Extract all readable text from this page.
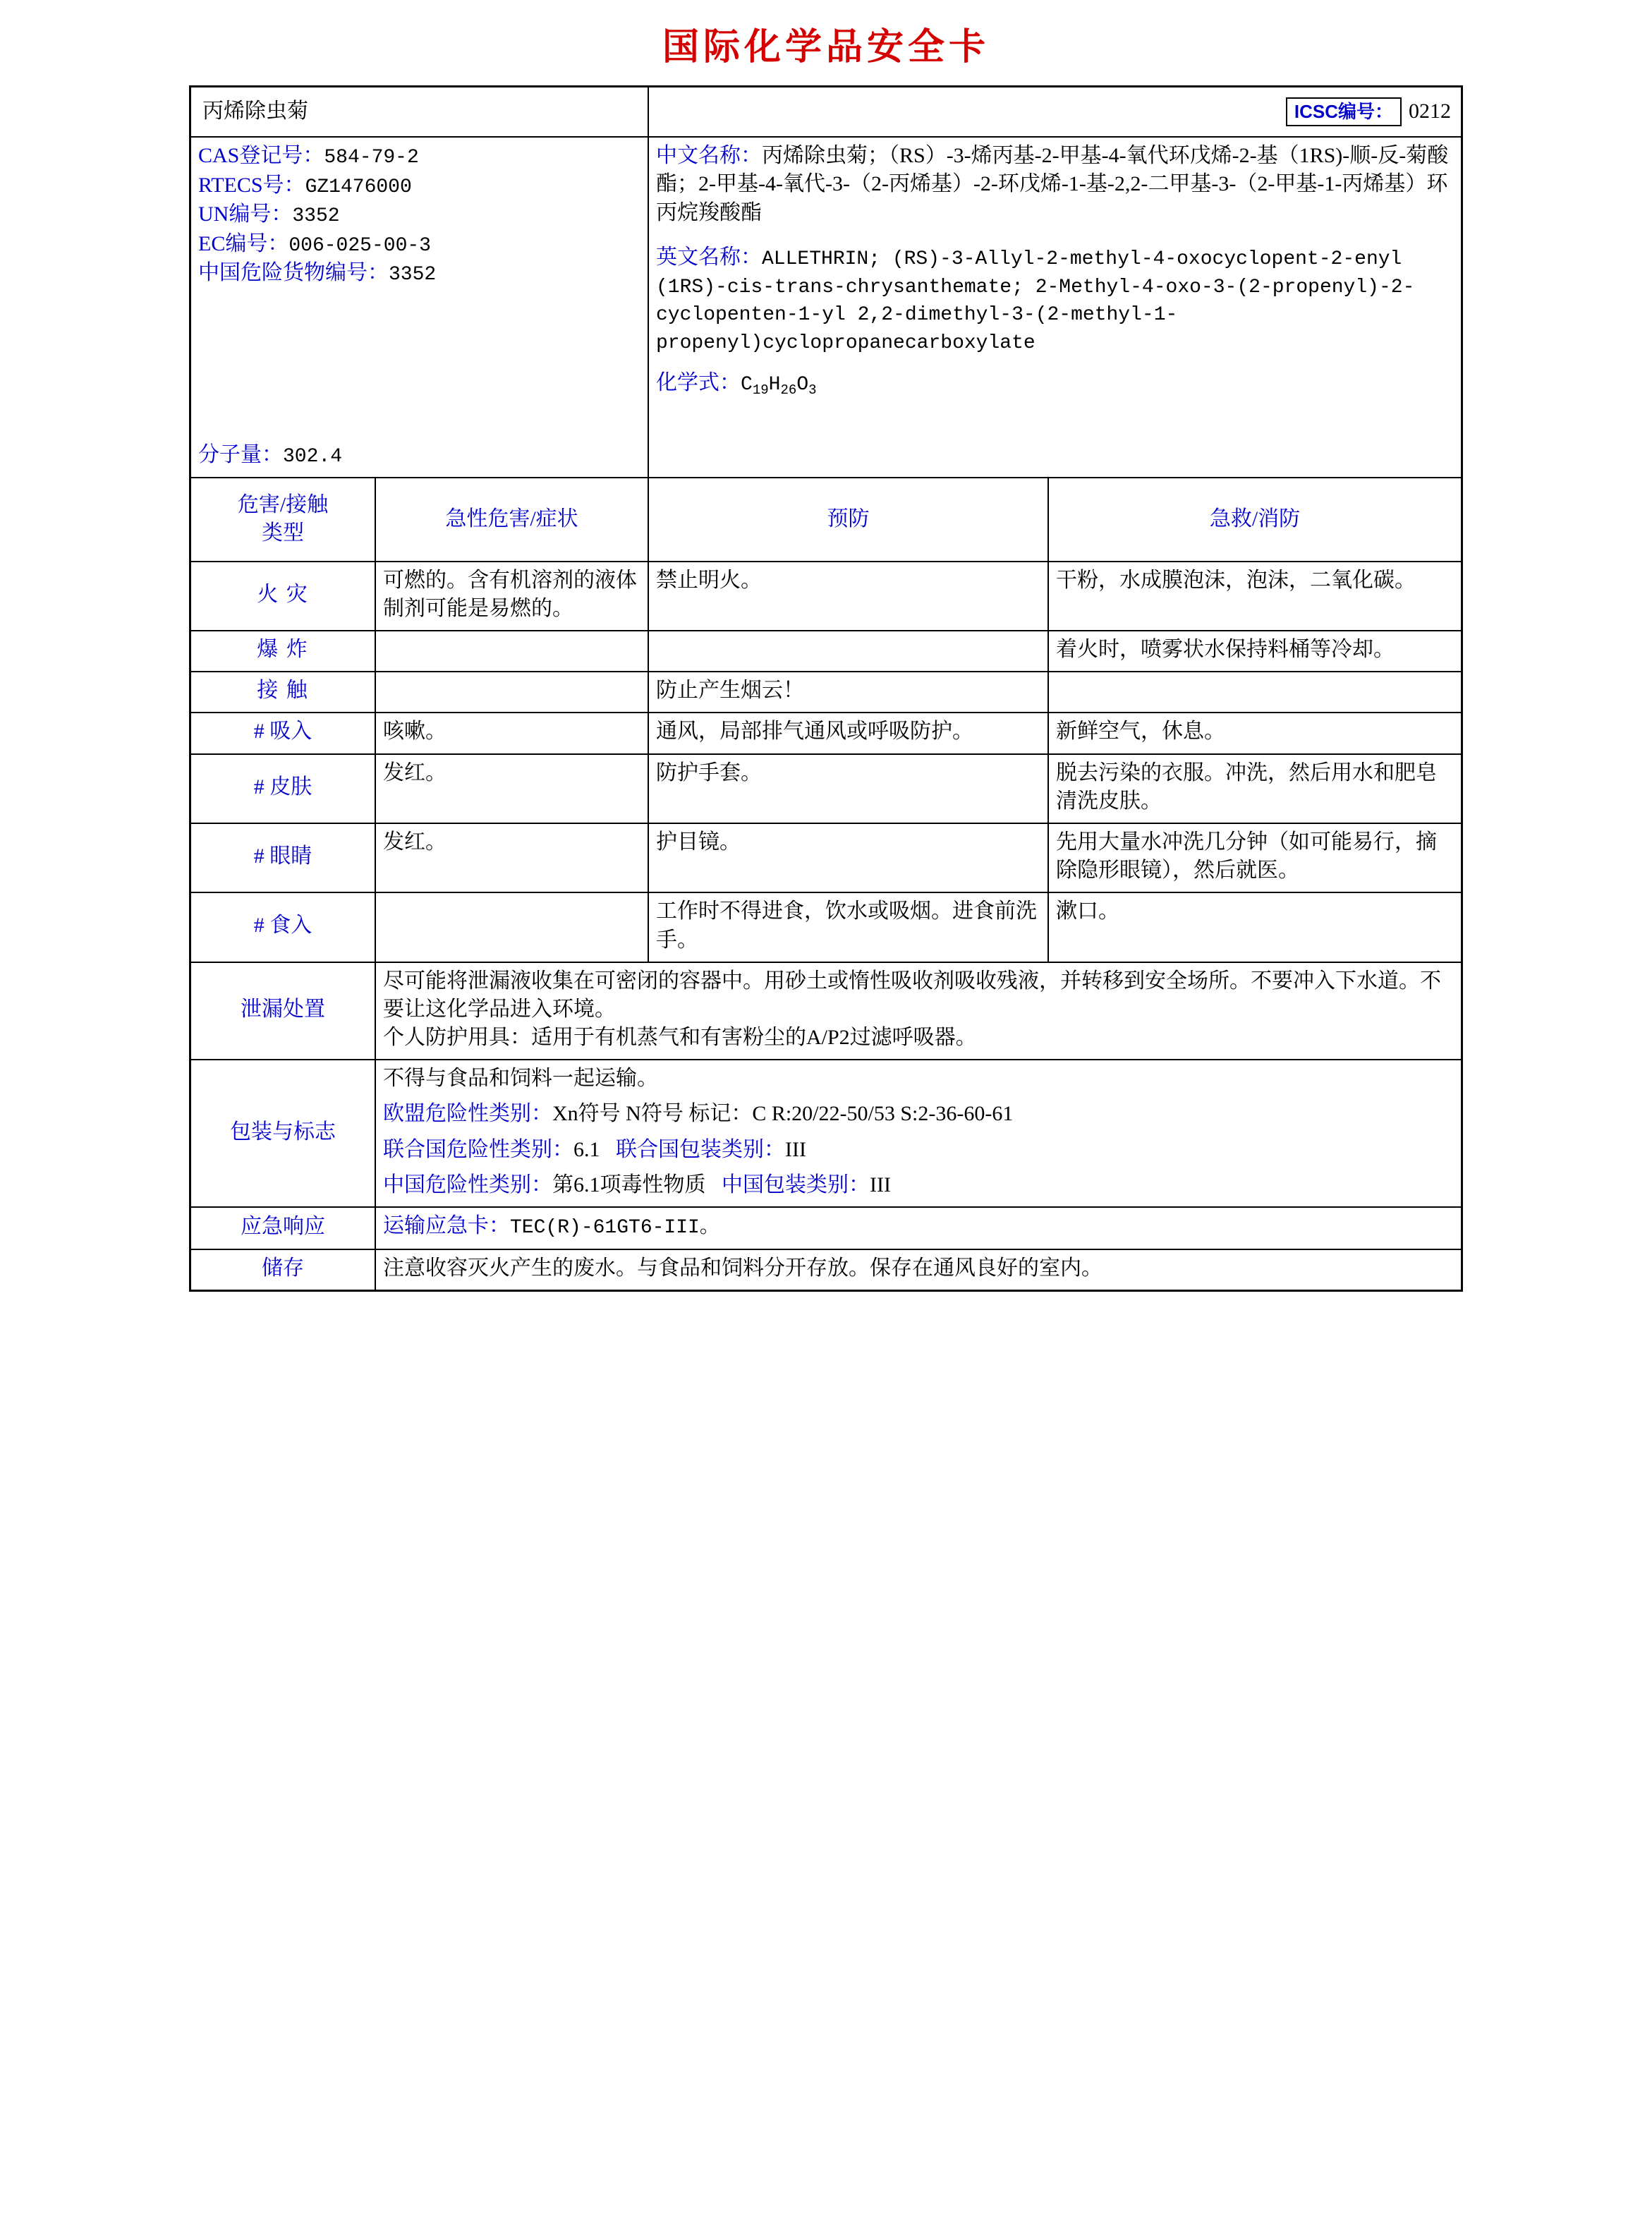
国际化学品安全卡
丙烯除虫菊		ICSC编号： 0212	

CAS登记号：584-79-2
RTECS号：GZ1476000
UN编号：3352
EC编号：006-025-00-3
中国危险货物编号：3352
分子量：302.4

中文名称：丙烯除虫菊；（RS）-3-烯丙基-2-甲基-4-氧代环戊烯-2-基（1RS)-顺-反-菊酸酯；2-甲基-4-氧代-3-（2-丙烯基）-2-环戊烯-1-基-2,2-二甲基-3-（2-甲基-1-丙烯基）环丙烷羧酸酯
英文名称：ALLETHRIN; (RS)-3-Allyl-2-methyl-4-oxocyclopent-2-enyl (1RS)-cis-trans-chrysanthemate; 2-Methyl-4-oxo-3-(2-propenyl)-2-cyclopenten-1-yl 2,2-dimethyl-3-(2-methyl-1-propenyl)cyclopropanecarboxylate
化学式：$C_{19}H_{26}O_3$

危害/接触
类型	急性危害/症状	预防	急救/消防
火 灾	可燃的。含有机溶剂的液体制剂可能是易燃的。	禁止明火。	干粉，水成膜泡沫，泡沫，二氧化碳。
爆 炸			着火时，喷雾状水保持料桶等冷却。
接 触		防止产生烟云！	
# 吸入	咳嗽。	通风，局部排气通风或呼吸防护。	新鲜空气，休息。
# 皮肤	发红。	防护手套。	脱去污染的衣服。冲洗，然后用水和肥皂清洗皮肤。
# 眼睛	发红。	护目镜。	先用大量水冲洗几分钟（如可能易行，摘除隐形眼镜），然后就医。
# 食入		工作时不得进食，饮水或吸烟。进食前洗手。	漱口。
泄漏处置	尽可能将泄漏液收集在可密闭的容器中。用砂土或惰性吸收剂吸收残液，并转移到安全场所。不要冲入下水道。不要让这化学品进入环境。

个人防护用具：适用于有机蒸气和有害粉尘的A/P2过滤呼吸器。		

包装与标志	不得与食品和饲料一起运输。

欧盟危险性类别：Xn符号 N符号 标记：C R:20/22-50/53 S:2-36-60-61

联合国危险性类别：6.1 联合国包装类别：III

中国危险性类别：第6.1项毒性物质 中国包装类别：III		

应急响应	运输应急卡：TEC(R)-61GT6-III。		
储存	注意收容灭火产生的废水。与食品和饲料分开存放。保存在通风良好的室内。		
